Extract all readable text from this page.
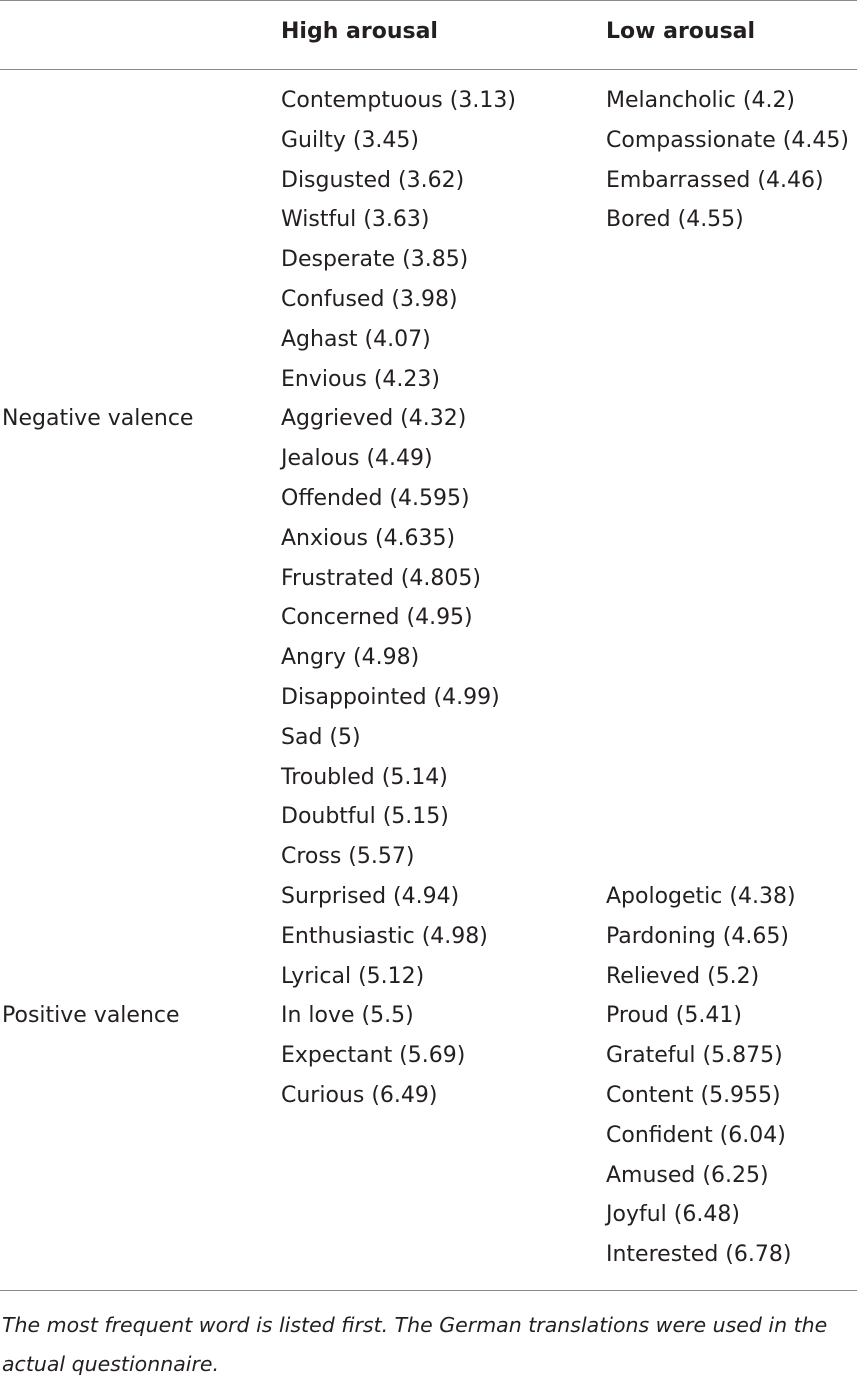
High arousal	Low arousal
Negative valence
Contemptuous (3.13)
Guilty (3.45)
Disgusted (3.62)
Wistful (3.63)
Desperate (3.85)
Confused (3.98)
Aghast (4.07)
Envious (4.23)
Aggrieved (4.32)
Jealous (4.49)
Offended (4.595)
Anxious (4.635)
Frustrated (4.805)
Concerned (4.95)
Angry (4.98)
Disappointed (4.99)
Sad (5)
Troubled (5.14)
Doubtful (5.15)
Cross (5.57)
Melancholic (4.2)
Compassionate (4.45)
Embarrassed (4.46)
Bored (4.55)
Positive valence
Surprised (4.94)
Enthusiastic (4.98)
Lyrical (5.12)
In love (5.5)
Expectant (5.69)
Curious (6.49)
Apologetic (4.38)
Pardoning (4.65)
Relieved (5.2)
Proud (5.41)
Grateful (5.875)
Content (5.955)
Confident (6.04)
Amused (6.25)
Joyful (6.48)
Interested (6.78)
The most frequent word is listed first. The German translations were used in the actual questionnaire.
